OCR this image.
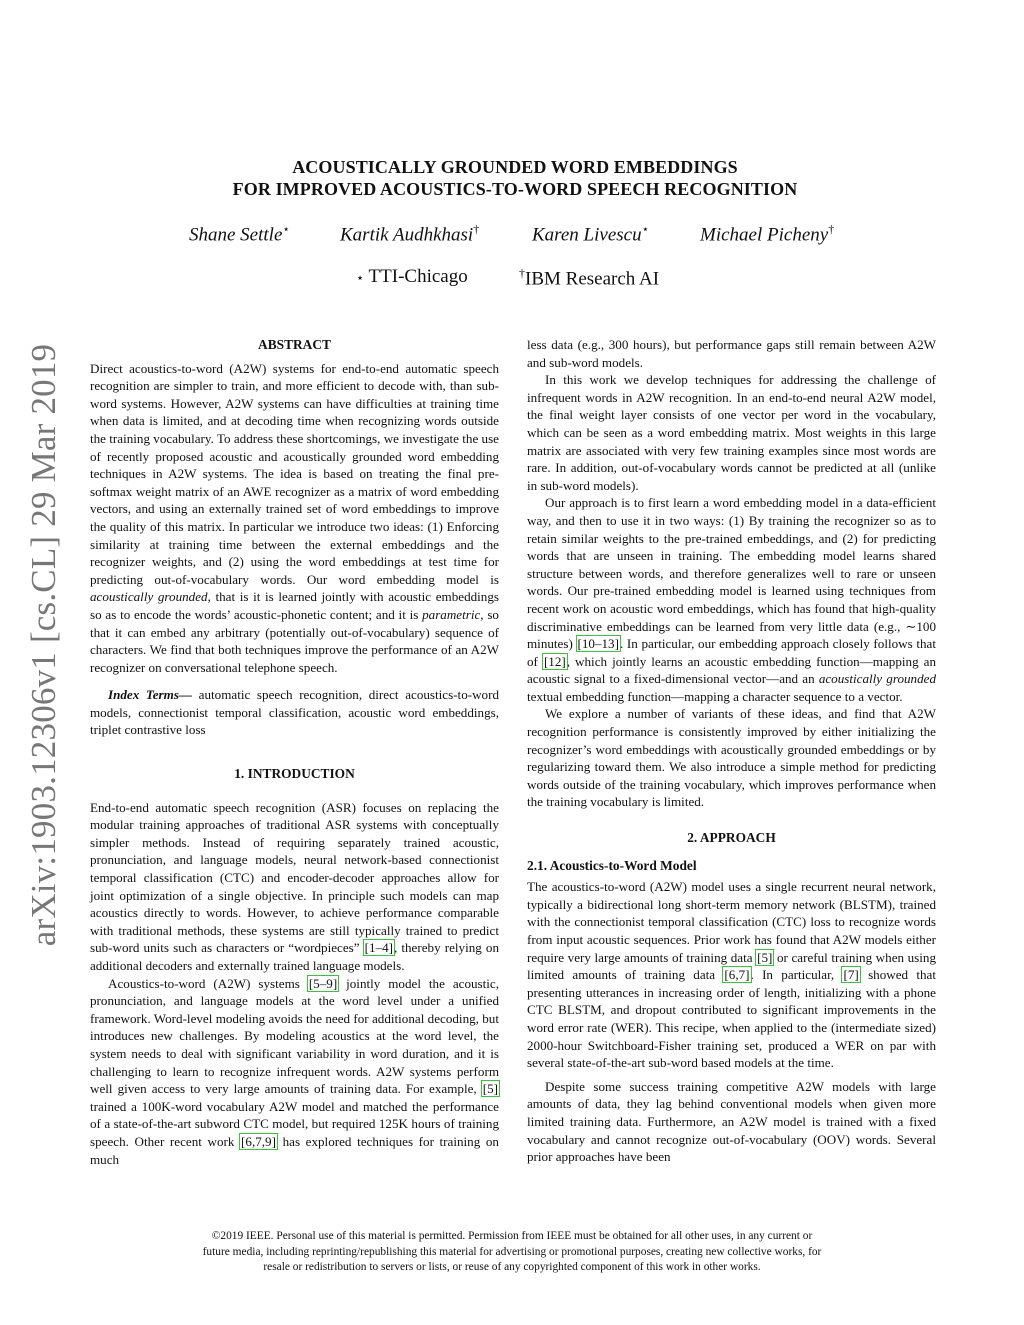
ACOUSTICALLY GROUNDED WORD EMBEDDINGS
FOR IMPROVED ACOUSTICS-TO-WORD SPEECH RECOGNITION
Shane Settle⋆	Kartik Audhkhasi†	Karen Livescu⋆	Michael Picheny†
⋆ TTI-Chicago	†IBM Research AI
arXiv:1903.12306v1 [cs.CL] 29 Mar 2019	ABSTRACT

Direct acoustics-to-word (A2W) systems for end-to-end automatic speech recognition are simpler to train, and more efficient to decode with, than sub-word systems. However, A2W systems can have difficulties at training time when data is limited, and at decoding time when recognizing words outside the training vocabulary. To address these shortcomings, we investigate the use of recently proposed acoustic and acoustically grounded word embedding techniques in A2W systems. The idea is based on treating the final pre-softmax weight matrix of an AWE recognizer as a matrix of word embedding vectors, and using an externally trained set of word embeddings to improve the quality of this matrix. In particular we introduce two ideas: (1) Enforcing similarity at training time between the external embeddings and the recognizer weights, and (2) using the word embeddings at test time for predicting out-of-vocabulary words. Our word embedding model is acoustically grounded, that is it is learned jointly with acoustic embeddings so as to encode the words’ acoustic-phonetic content; and it is parametric, so that it can embed any arbitrary (potentially out-of-vocabulary) sequence of characters. We find that both techniques improve the performance of an A2W recognizer on conversational telephone speech.

Index Terms— automatic speech recognition, direct acoustics-to-word models, connectionist temporal classification, acoustic word embeddings, triplet contrastive loss

1. INTRODUCTION

End-to-end automatic speech recognition (ASR) focuses on replacing the modular training approaches of traditional ASR systems with conceptually simpler methods. Instead of requiring separately trained acoustic, pronunciation, and language models, neural network-based connectionist temporal classification (CTC) and encoder-decoder approaches allow for joint optimization of a single objective. In principle such models can map acoustics directly to words. However, to achieve performance comparable with traditional methods, these systems are still typically trained to predict sub-word units such as characters or “wordpieces” [1–4], thereby relying on additional decoders and externally trained language models.

Acoustics-to-word (A2W) systems [5–9] jointly model the acoustic, pronunciation, and language models at the word level under a unified framework. Word-level modeling avoids the need for additional decoding, but introduces new challenges. By modeling acoustics at the word level, the system needs to deal with significant variability in word duration, and it is challenging to learn to recognize infrequent words. A2W systems perform well given access to very large amounts of training data. For example, [5] trained a 100K-word vocabulary A2W model and matched the performance of a state-of-the-art subword CTC model, but required 125K hours of training speech. Other recent work [6,7,9] has explored techniques for training on much

less data (e.g., 300 hours), but performance gaps still remain between A2W and sub-word models.

In this work we develop techniques for addressing the challenge of infrequent words in A2W recognition. In an end-to-end neural A2W model, the final weight layer consists of one vector per word in the vocabulary, which can be seen as a word embedding matrix. Most weights in this large matrix are associated with very few training examples since most words are rare. In addition, out-of-vocabulary words cannot be predicted at all (unlike in sub-word models).

Our approach is to first learn a word embedding model in a data-efficient way, and then to use it in two ways: (1) By training the recognizer so as to retain similar weights to the pre-trained embeddings, and (2) for predicting words that are unseen in training. The embedding model learns shared structure between words, and therefore generalizes well to rare or unseen words. Our pre-trained embedding model is learned using techniques from recent work on acoustic word embeddings, which has found that high-quality discriminative embeddings can be learned from very little data (e.g., ∼100 minutes) [10–13]. In particular, our embedding approach closely follows that of [12], which jointly learns an acoustic embedding function—mapping an acoustic signal to a fixed-dimensional vector—and an acoustically grounded textual embedding function—mapping a character sequence to a vector.

We explore a number of variants of these ideas, and find that A2W recognition performance is consistently improved by either initializing the recognizer’s word embeddings with acoustically grounded embeddings or by regularizing toward them. We also introduce a simple method for predicting words outside of the training vocabulary, which improves performance when the training vocabulary is limited.

2. APPROACH

2.1. Acoustics-to-Word Model

The acoustics-to-word (A2W) model uses a single recurrent neural network, typically a bidirectional long short-term memory network (BLSTM), trained with the connectionist temporal classification (CTC) loss to recognize words from input acoustic sequences. Prior work has found that A2W models either require very large amounts of training data [5] or careful training when using limited amounts of training data [6,7]. In particular, [7] showed that presenting utterances in increasing order of length, initializing with a phone CTC BLSTM, and dropout contributed to significant improvements in the word error rate (WER). This recipe, when applied to the (intermediate sized) 2000-hour Switchboard-Fisher training set, produced a WER on par with several state-of-the-art sub-word based models at the time.

Despite some success training competitive A2W models with large amounts of data, they lag behind conventional models when given more limited training data. Furthermore, an A2W model is trained with a fixed vocabulary and cannot recognize out-of-vocabulary (OOV) words. Several prior approaches have been

©2019 IEEE. Personal use of this material is permitted. Permission from IEEE must be obtained for all other uses, in any current or
future media, including reprinting/republishing this material for advertising or promotional purposes, creating new collective works, for
resale or redistribution to servers or lists, or reuse of any copyrighted component of this work in other works.
